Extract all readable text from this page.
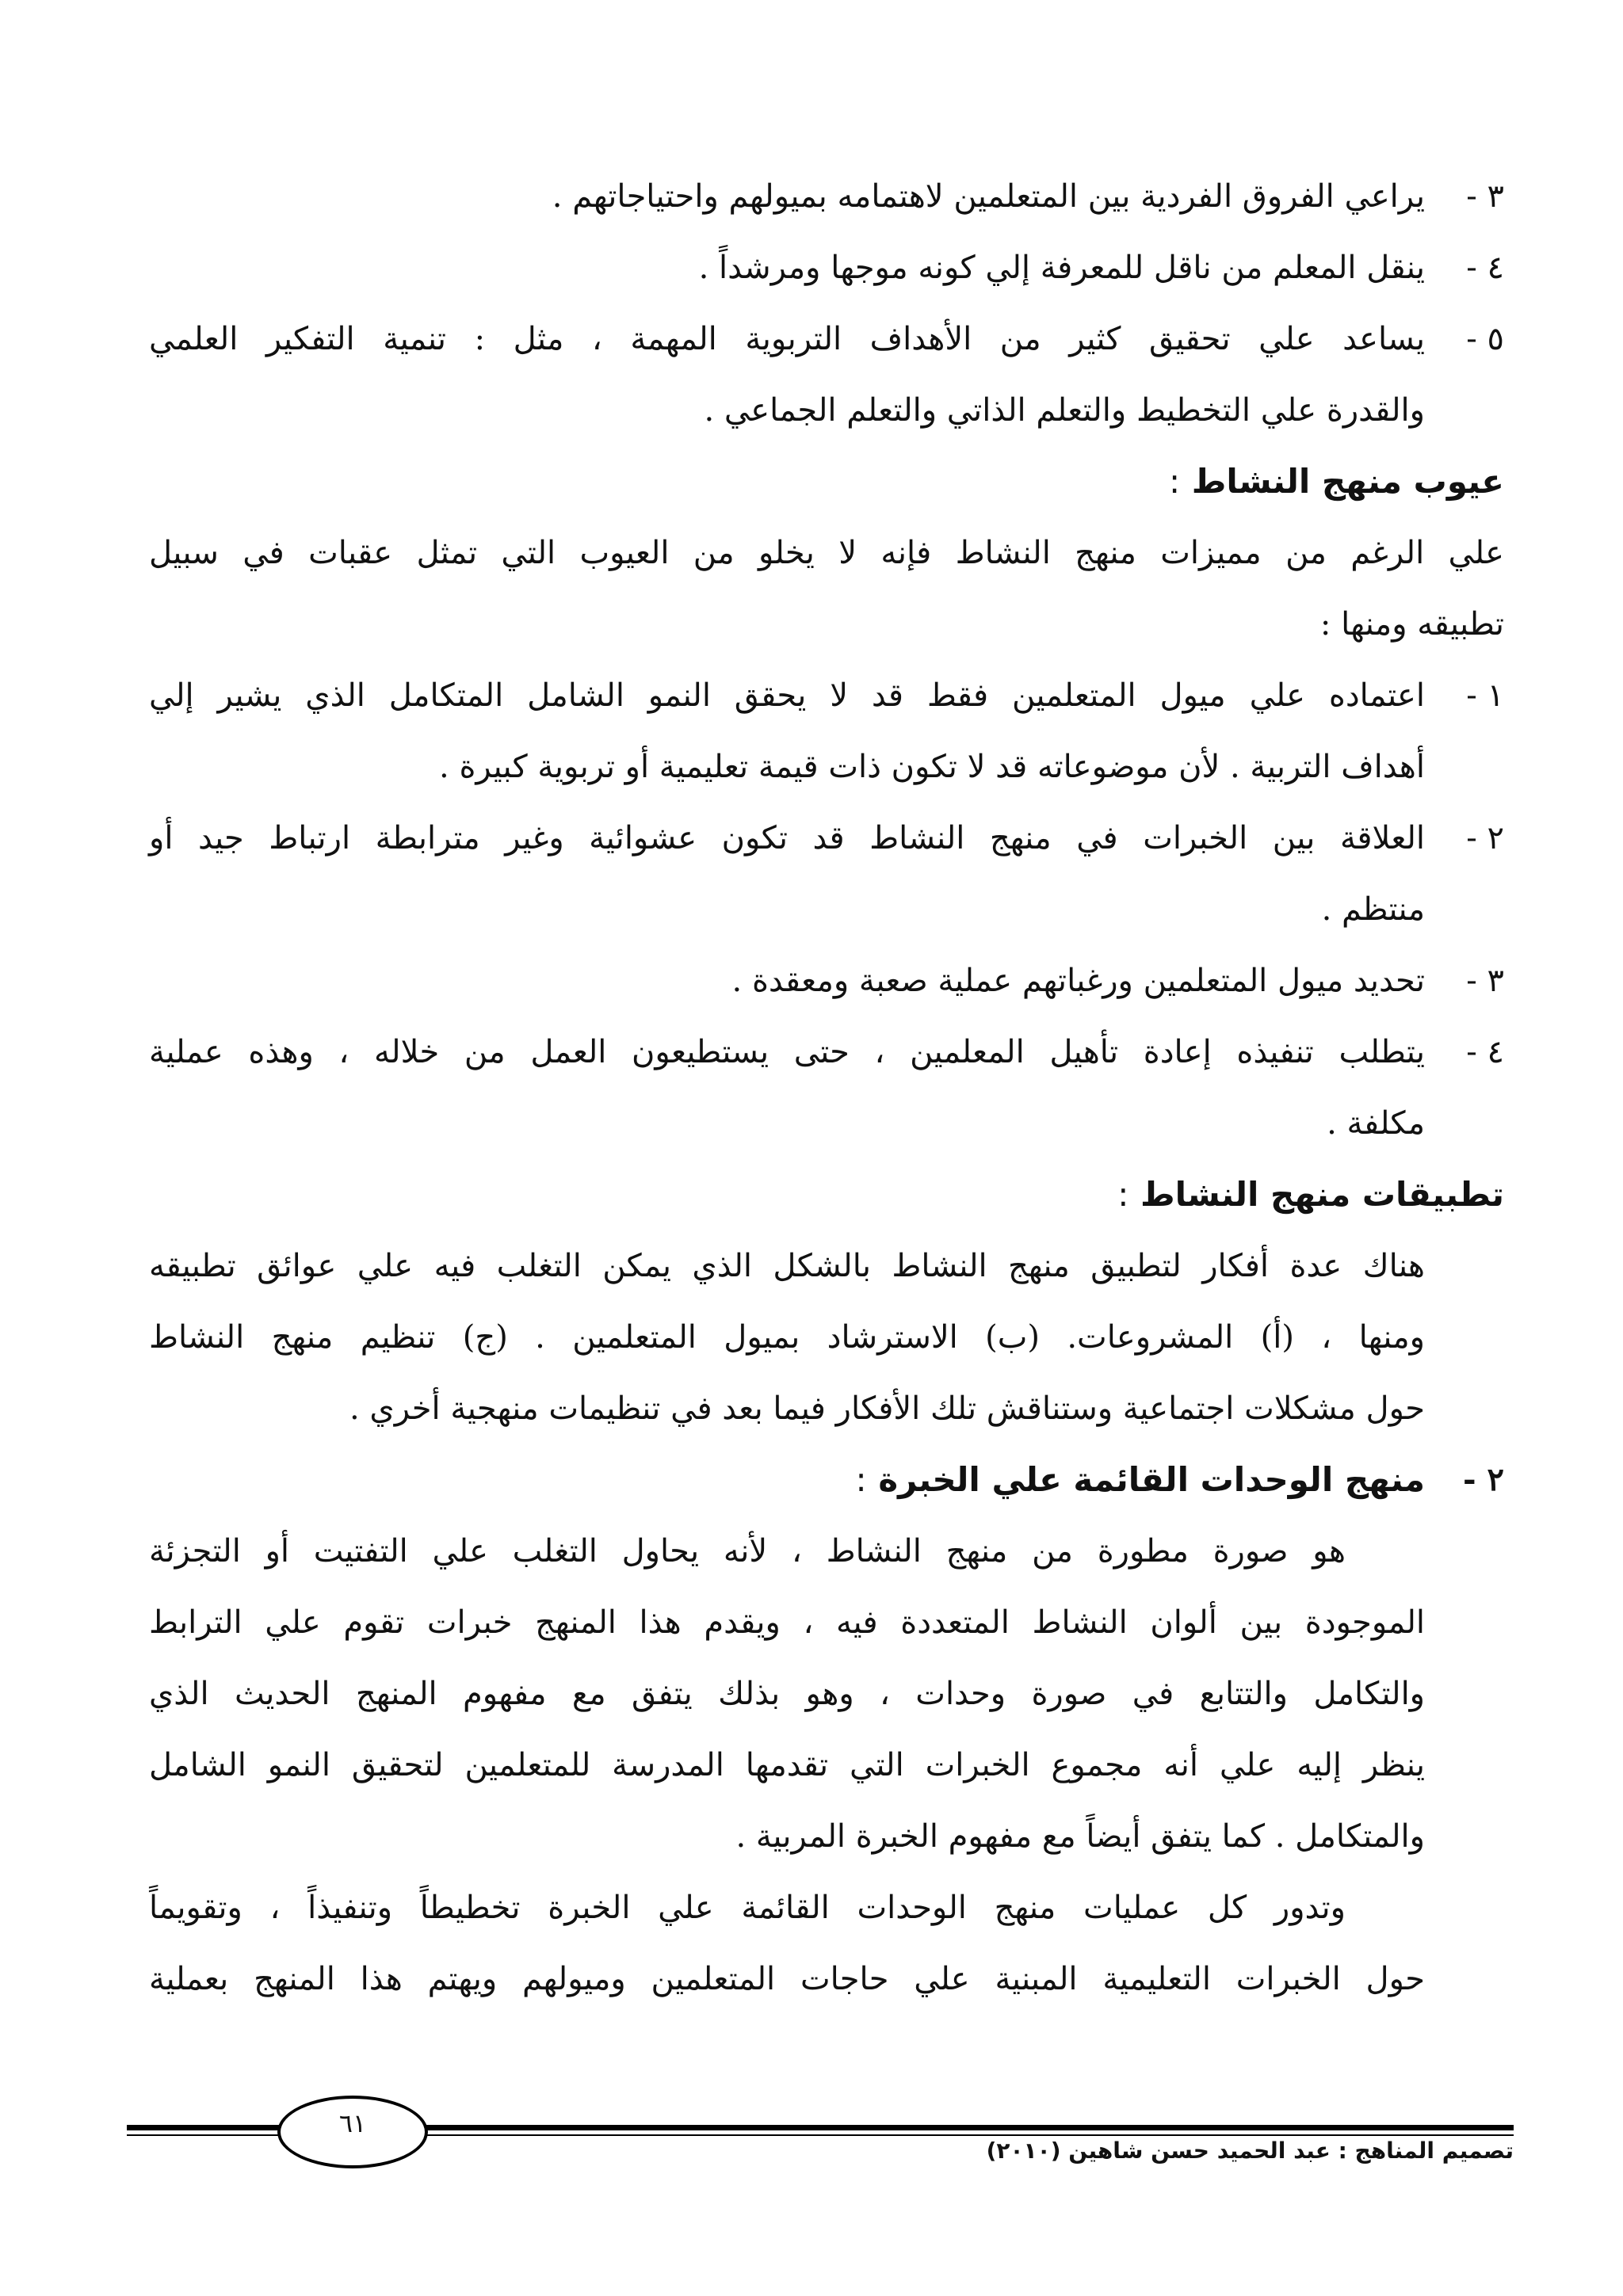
٣ -
يراعي الفروق الفردية بين المتعلمين لاهتمامه بميولهم واحتياجاتهم .
٤ -
ينقل المعلم من ناقل للمعرفة إلي كونه موجها ومرشداً .
٥ -
يساعد علي تحقيق كثير من الأهداف التربوية المهمة ، مثل : تنمية التفكير العلمي
والقدرة علي التخطيط والتعلم الذاتي والتعلم الجماعي .
عيوب منهج النشاط :
علي الرغم من مميزات منهج النشاط فإنه لا يخلو من العيوب التي تمثل عقبات في سبيل
تطبيقه ومنها :
١ -
اعتماده علي ميول المتعلمين فقط قد لا يحقق النمو الشامل المتكامل الذي يشير إلي
أهداف التربية . لأن موضوعاته قد لا تكون ذات قيمة تعليمية أو تربوية كبيرة .
٢ -
العلاقة بين الخبرات في منهج النشاط قد تكون عشوائية وغير مترابطة ارتباط جيد أو
منتظم .
٣ -
تحديد ميول المتعلمين ورغباتهم عملية صعبة ومعقدة .
٤ -
يتطلب تنفيذه إعادة تأهيل المعلمين ، حتى يستطيعون العمل من خلاله ، وهذه عملية
مكلفة .
تطبيقات منهج النشاط :
هناك عدة أفكار لتطبيق منهج النشاط بالشكل الذي يمكن التغلب فيه علي عوائق تطبيقه
ومنها ، (أ) المشروعات. (ب) الاسترشاد بميول المتعلمين . (ج) تنظيم منهج النشاط
حول مشكلات اجتماعية وستناقش تلك الأفكار فيما بعد في تنظيمات منهجية أخري .
٢ -
منهج الوحدات القائمة علي الخبرة :
هو صورة مطورة من منهج النشاط ، لأنه يحاول التغلب علي التفتيت أو التجزئة
الموجودة بين ألوان النشاط المتعددة فيه ، ويقدم هذا المنهج خبرات تقوم علي الترابط
والتكامل والتتابع في صورة وحدات ، وهو بذلك يتفق مع مفهوم المنهج الحديث الذي
ينظر إليه علي أنه مجموع الخبرات التي تقدمها المدرسة للمتعلمين لتحقيق النمو الشامل
والمتكامل . كما يتفق أيضاً مع مفهوم الخبرة المربية .
وتدور كل عمليات منهج الوحدات القائمة علي الخبرة تخطيطاً وتنفيذاً ، وتقويماً
حول الخبرات التعليمية المبنية علي حاجات المتعلمين وميولهم ويهتم هذا المنهج بعملية
٦١
تصميم المناهج : عبد الحميد حسن شاهين (٢٠١٠)
